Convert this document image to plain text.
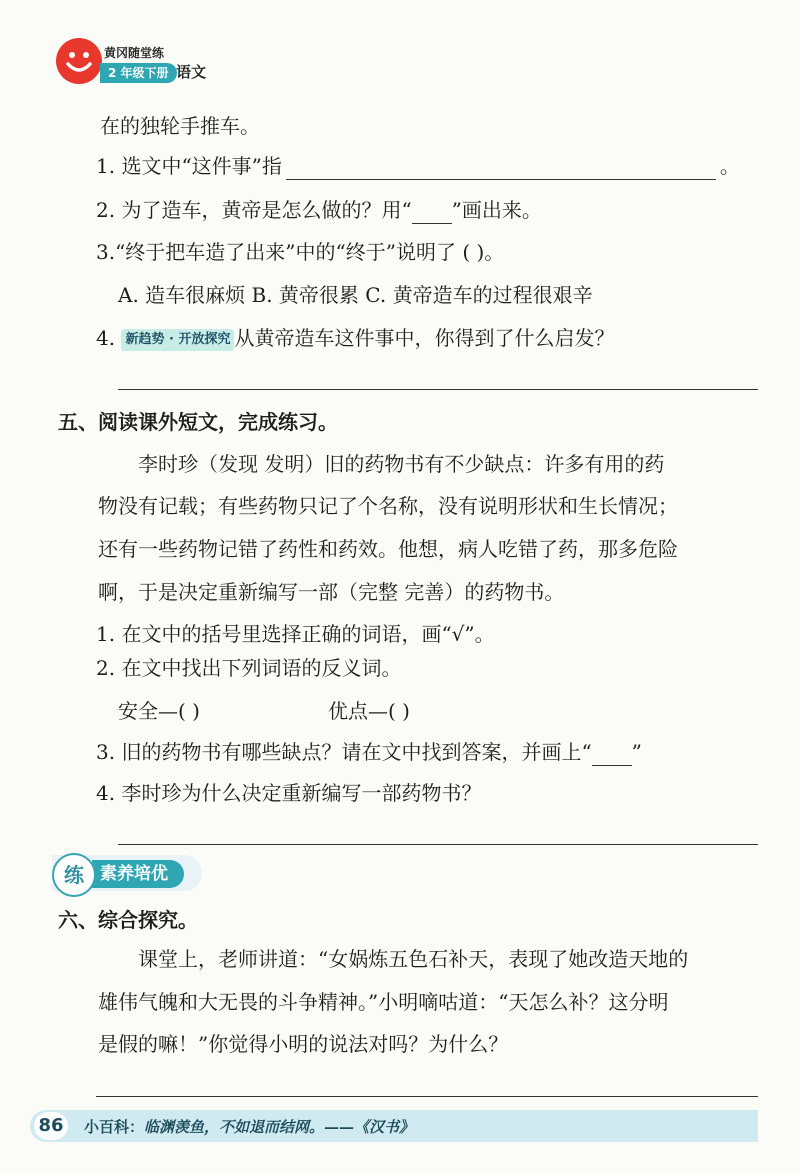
黄冈随堂练
2 年级下册 语文
在的独轮手推车。
1. 选文中“这件事”指	。
2. 为了造车，黄帝是怎么做的？用“ ”画出来。
3.“终于把车造了出来”中的“终于”说明了 ( )。
A. 造车很麻烦 B. 黄帝很累 C. 黄帝造车的过程很艰辛
4. 新趋势 · 开放探究 从黄帝造车这件事中，你得到了什么启发？
五、阅读课外短文，完成练习。
李时珍（发现 发明）旧的药物书有不少缺点：许多有用的药
物没有记载；有些药物只记了个名称，没有说明形状和生长情况；
还有一些药物记错了药性和药效。他想，病人吃错了药，那多危险
啊，于是决定重新编写一部（完整 完善）的药物书。
1. 在文中的括号里选择正确的词语，画“√”。
2. 在文中找出下列词语的反义词。
安全—( )	优点—( )
3. 旧的药物书有哪些缺点？请在文中找到答案，并画上“ ”
4. 李时珍为什么决定重新编写一部药物书？
素养培优
练
六、综合探究。
课堂上，老师讲道：“女娲炼五色石补天，表现了她改造天地的
雄伟气魄和大无畏的斗争精神。”小明嘀咕道：“天怎么补？这分明
是假的嘛！”你觉得小明的说法对吗？为什么？
86 小百科：临渊羡鱼，不如退而结网。——《汉书》
